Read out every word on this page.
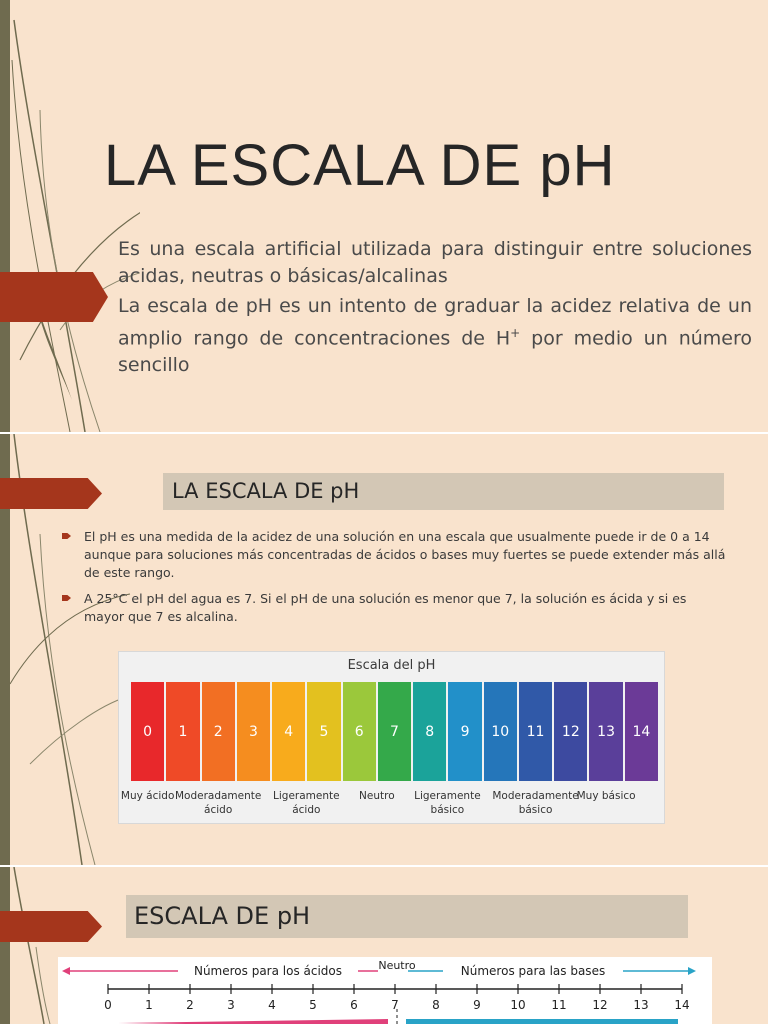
LA ESCALA DE pH

Es una escala artificial utilizada para distinguir entre soluciones acidas, neutras o básicas/alcalinas

La escala de pH es un intento de graduar la acidez relativa de un amplio rango de concentraciones de H+ por medio un número sencillo

LA ESCALA DE pH
El pH es una medida de la acidez de una solución en una escala que usualmente puede ir de 0 a 14 aunque para soluciones más concentradas de ácidos o bases muy fuertes se puede extender más allá de este rango.
A 25°C el pH del agua es 7. Si el pH de una solución es menor que 7, la solución es ácida y si es mayor que 7 es alcalina.
Escala del pH
0	1	2	3	4	5	6	7	8	9	10	11	12	13	14
Muy ácido Moderadamente
ácido
Ligeramente
ácido
Neutro Ligeramente
básico
Moderadamente
básico
Muy básico
ESCALA DE pH
Números para los ácidos	Neutro	Números para las bases
0	1	2	3	4	5	6	7	8	9 10 11 12 13 14
